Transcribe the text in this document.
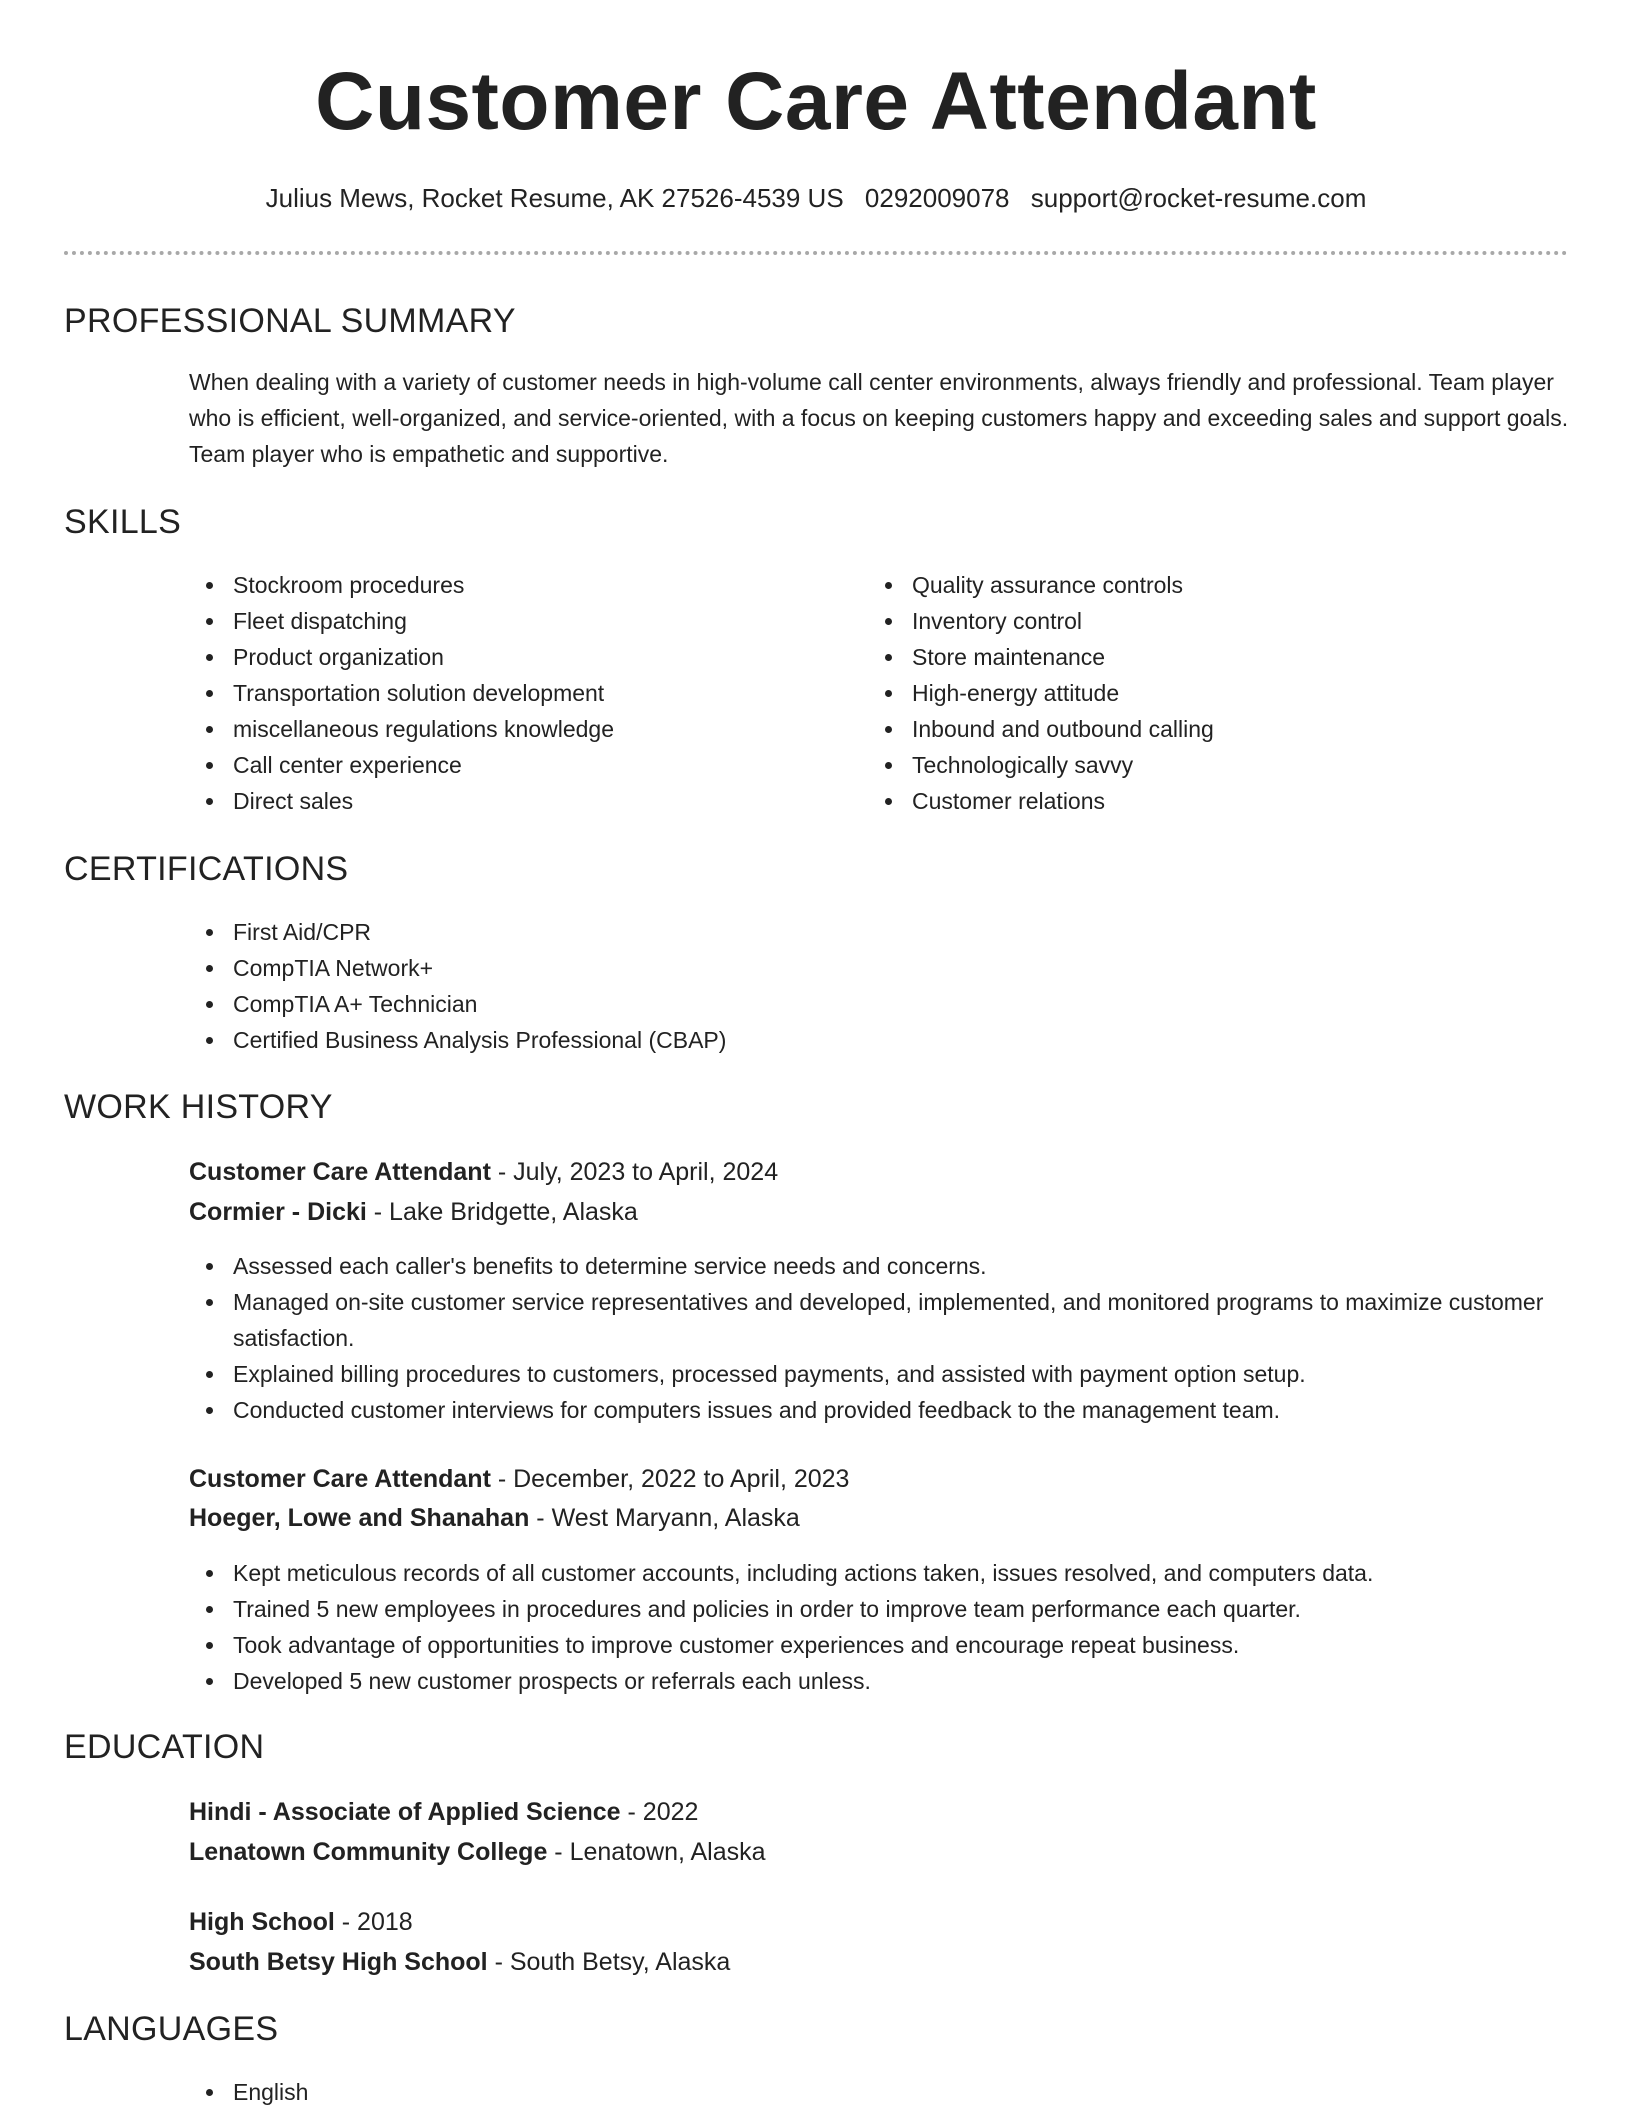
Customer Care Attendant
Julius Mews, Rocket Resume, AK 27526-4539 US 0292009078 support@rocket-resume.com
PROFESSIONAL SUMMARY

When dealing with a variety of customer needs in high-volume call center environments, always friendly and professional. Team player who is efficient, well-organized, and service-oriented, with a focus on keeping customers happy and exceeding sales and support goals. Team player who is empathetic and supportive.

SKILLS
Stockroom procedures
Fleet dispatching
Product organization
Transportation solution development
miscellaneous regulations knowledge
Call center experience
Direct sales
Quality assurance controls
Inventory control
Store maintenance
High-energy attitude
Inbound and outbound calling
Technologically savvy
Customer relations
CERTIFICATIONS
First Aid/CPR
CompTIA Network+
CompTIA A+ Technician
Certified Business Analysis Professional (CBAP)
WORK HISTORY

Customer Care Attendant - July, 2023 to April, 2024

Cormier - Dicki - Lake Bridgette, Alaska

Assessed each caller's benefits to determine service needs and concerns.
Managed on-site customer service representatives and developed, implemented, and monitored programs to maximize customer satisfaction.
Explained billing procedures to customers, processed payments, and assisted with payment option setup.
Conducted customer interviews for computers issues and provided feedback to the management team.

Customer Care Attendant - December, 2022 to April, 2023

Hoeger, Lowe and Shanahan - West Maryann, Alaska

Kept meticulous records of all customer accounts, including actions taken, issues resolved, and computers data.
Trained 5 new employees in procedures and policies in order to improve team performance each quarter.
Took advantage of opportunities to improve customer experiences and encourage repeat business.
Developed 5 new customer prospects or referrals each unless.
EDUCATION

Hindi - Associate of Applied Science - 2022

Lenatown Community College - Lenatown, Alaska

High School - 2018

South Betsy High School - South Betsy, Alaska

LANGUAGES
English
